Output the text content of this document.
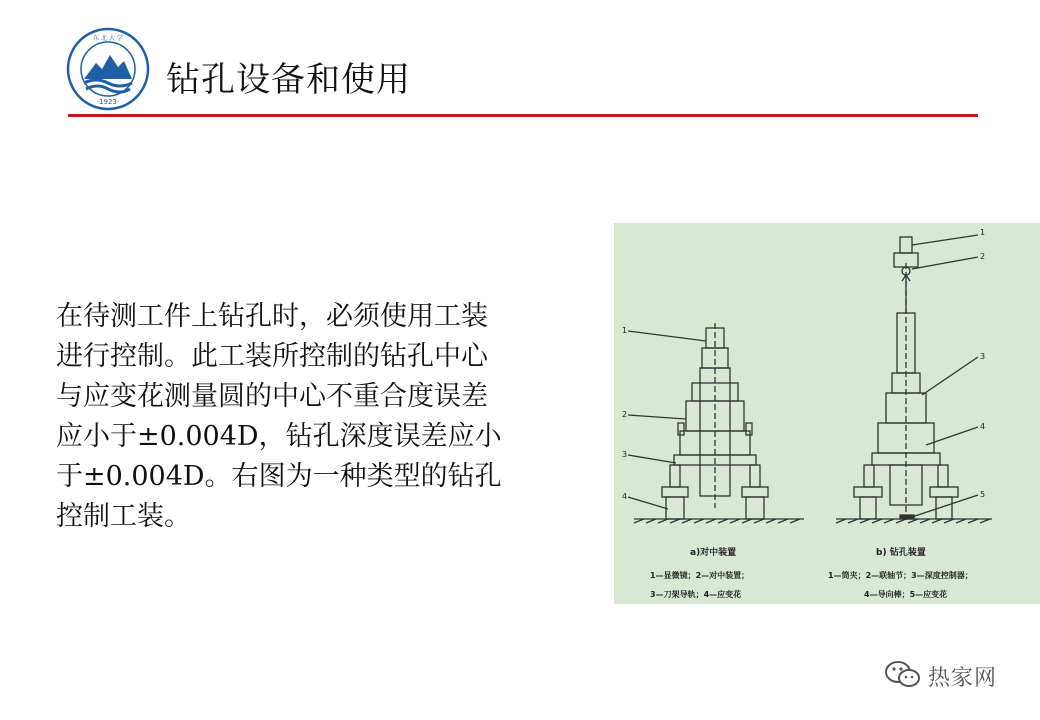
·1923·
东 北 大 学
钻孔设备和使用
在待测工件上钻孔时，必须使用工装
进行控制。此工装所控制的钻孔中心
与应变花测量圆的中心不重合度误差
应小于±0.004D，钻孔深度误差应小
于±0.004D。右图为一种类型的钻孔
控制工装。
1
2
3
4
1
2
3
4
5
a)对中装置	b) 钻孔装置
1—显微镜；2—对中装置；
3—刀架导轨；4—应变花
1—筒夹；2—联轴节；3—深度控制器；
4—导向棒；5—应变花
热家网
